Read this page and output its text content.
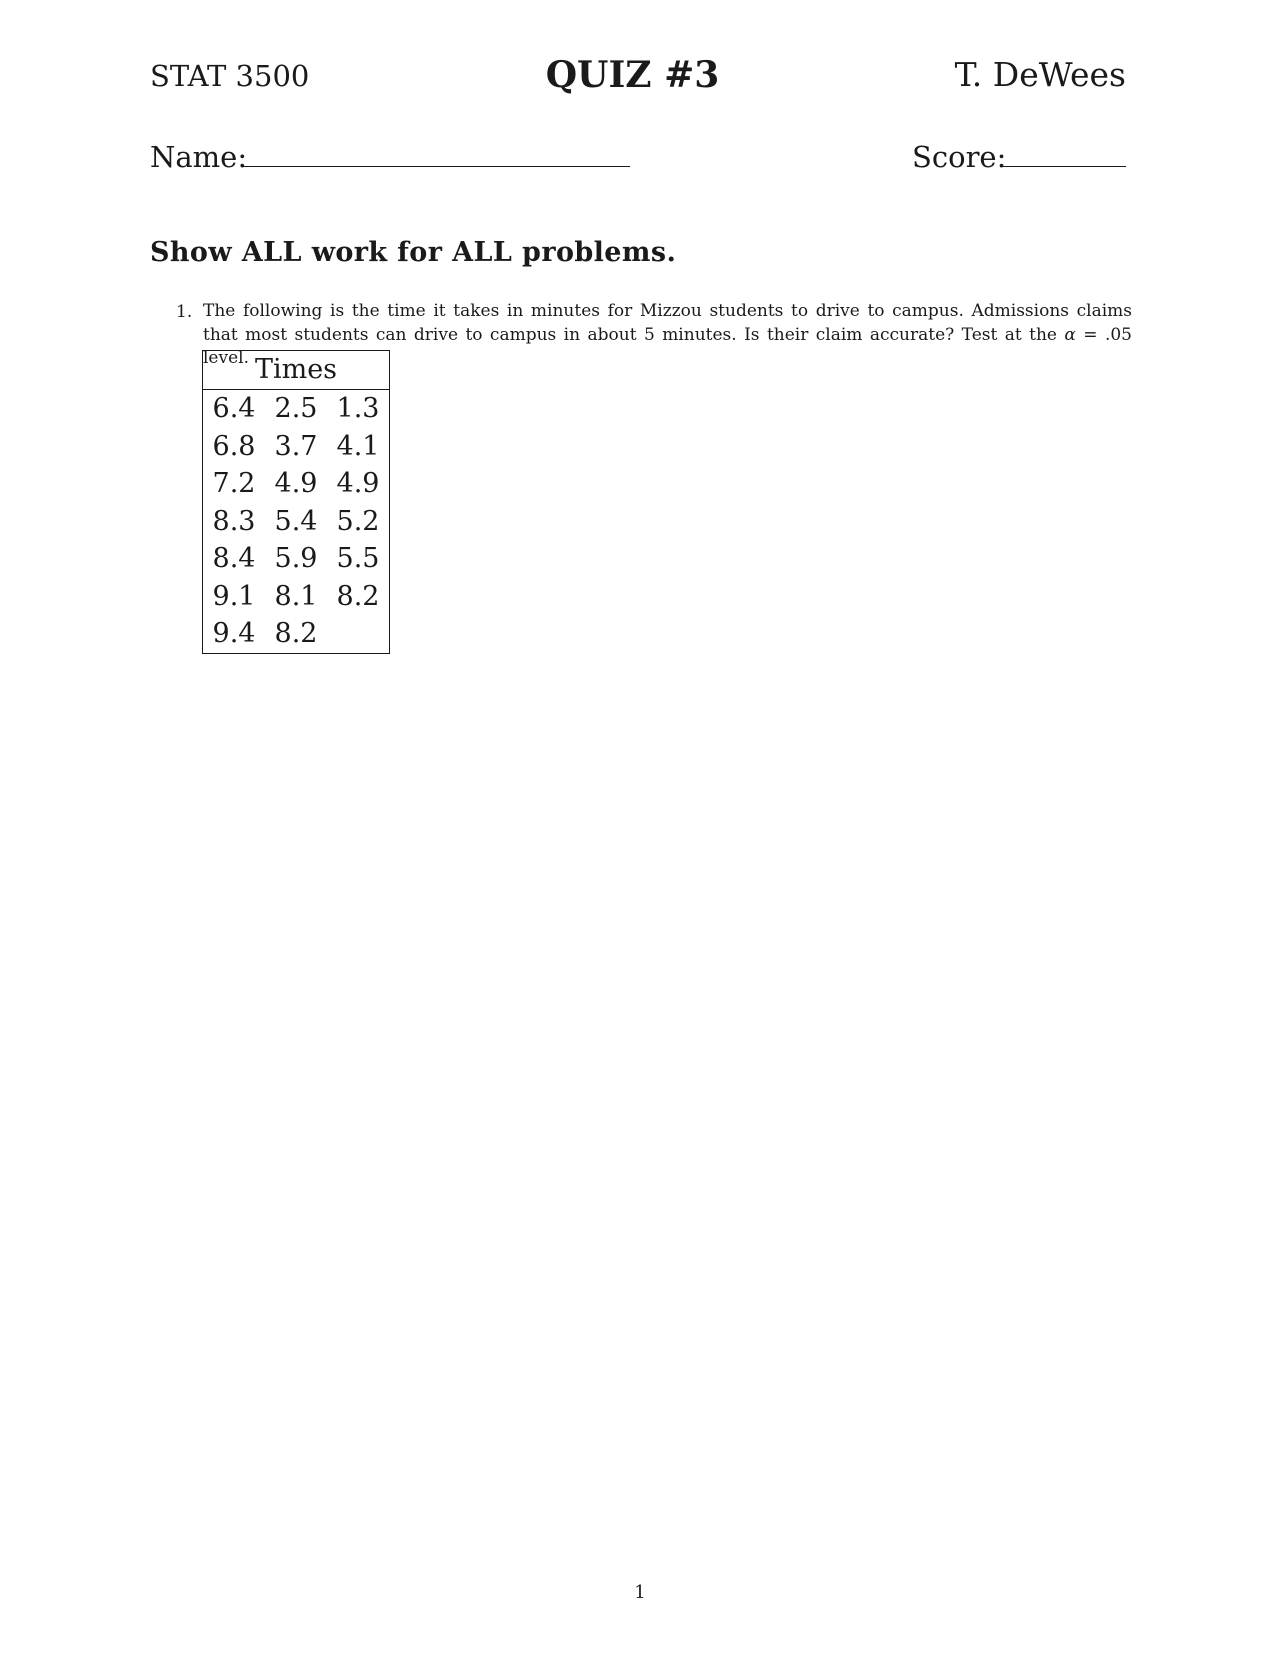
STAT 3500	QUIZ #3	T. DeWees
Name:	Score:
Show ALL work for ALL problems.
1. The following is the time it takes in minutes for Mizzou students to drive to campus. Admissions claims that most students can drive to campus in about 5 minutes. Is their claim accurate? Test at the α = .05 level. Times		
6.4	2.5	1.3
6.8	3.7	4.1
7.2	4.9	4.9
8.3	5.4	5.2
8.4	5.9	5.5
9.1	8.1	8.2
9.4	8.2	
1
